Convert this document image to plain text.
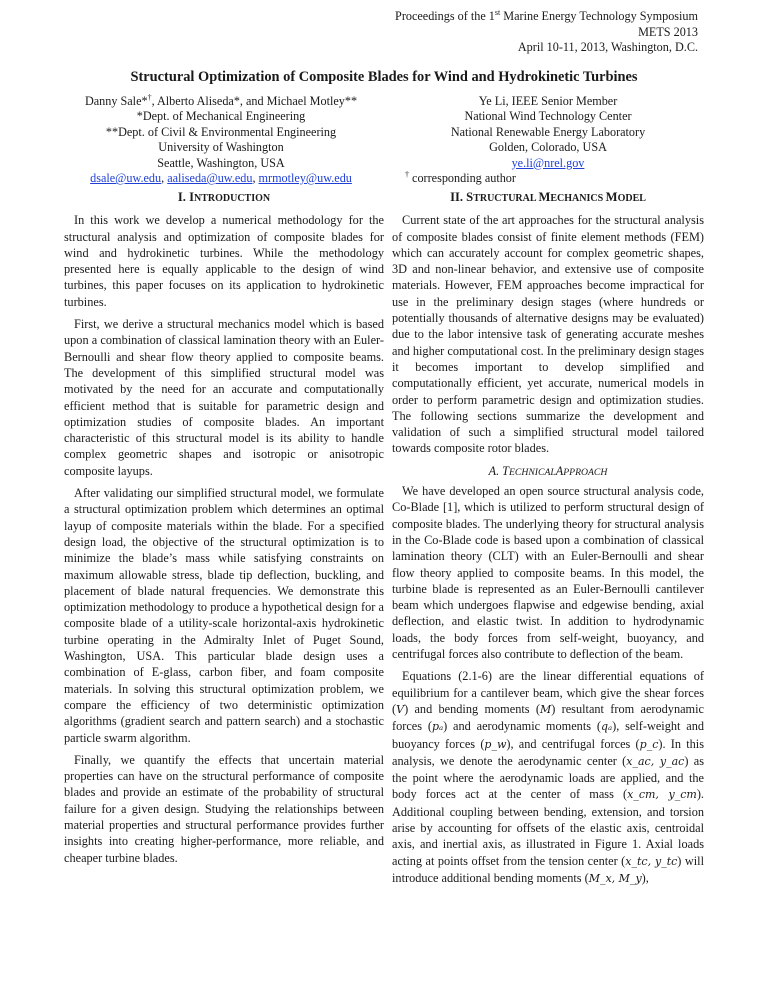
Proceedings of the 1st Marine Energy Technology Symposium
METS 2013
April 10-11, 2013, Washington, D.C.
Structural Optimization of Composite Blades for Wind and Hydrokinetic Turbines
Danny Sale*†, Alberto Aliseda*, and Michael Motley**
*Dept. of Mechanical Engineering
**Dept. of Civil & Environmental Engineering
University of Washington
Seattle, Washington, USA
dsale@uw.edu, aaliseda@uw.edu, mrmotley@uw.edu
Ye Li, IEEE Senior Member
National Wind Technology Center
National Renewable Energy Laboratory
Golden, Colorado, USA
ye.li@nrel.gov
† corresponding author
I. INTRODUCTION

In this work we develop a numerical methodology for the structural analysis and optimization of composite blades for wind and hydrokinetic turbines. While the methodology presented here is equally applicable to the design of wind turbines, this paper focuses on its application to hydrokinetic turbines.

First, we derive a structural mechanics model which is based upon a combination of classical lamination theory with an Euler-Bernoulli and shear flow theory applied to composite beams. The development of this simplified structural model was motivated by the need for an accurate and computationally efficient method that is suitable for parametric design and optimization studies of composite blades. An important characteristic of this structural model is its ability to handle complex geometric shapes and isotropic or anisotropic composite layups.

After validating our simplified structural model, we formulate a structural optimization problem which determines an optimal layup of composite materials within the blade. For a specified design load, the objective of the structural optimization is to minimize the blade’s mass while satisfying constraints on maximum allowable stress, blade tip deflection, buckling, and placement of blade natural frequencies. We demonstrate this optimization methodology to produce a hypothetical design for a composite blade of a utility-scale horizontal-axis hydrokinetic turbine operating in the Admiralty Inlet of Puget Sound, Washington, USA. This particular blade design uses a combination of E-glass, carbon fiber, and foam composite materials. In solving this structural optimization problem, we compare the efficiency of two deterministic optimization algorithms (gradient search and pattern search) and a stochastic particle swarm algorithm.

Finally, we quantify the effects that uncertain material properties can have on the structural performance of composite blades and provide an estimate of the probability of structural failure for a given design. Studying the relationships between material properties and structural performance provides further insights into creating higher-performance, more reliable, and cheaper turbine blades.

II. STRUCTURAL MECHANICS MODEL

Current state of the art approaches for the structural analysis of composite blades consist of finite element methods (FEM) which can accurately account for complex geometric shapes, 3D and non-linear behavior, and extensive use of composite materials. However, FEM approaches become impractical for use in the preliminary design stages (where hundreds or potentially thousands of alternative designs may be evaluated) due to the labor intensive task of generating accurate meshes and higher computational cost. In the preliminary design stages it becomes important to develop simplified and computationally efficient, yet accurate, numerical models in order to perform parametric design and optimization studies. The following sections summarize the development and validation of such a simplified structural model tailored towards composite rotor blades.

A. TECHNICALAPPROACH

We have developed an open source structural analysis code, Co-Blade [1], which is utilized to perform structural design of composite blades. The underlying theory for structural analysis in the Co-Blade code is based upon a combination of classical lamination theory (CLT) with an Euler-Bernoulli and shear flow theory applied to composite beams. In this model, the turbine blade is represented as an Euler-Bernoulli cantilever beam which undergoes flapwise and edgewise bending, axial deflection, and elastic twist. In addition to hydrodynamic loads, the body forces from self-weight, buoyancy, and centrifugal forces also contribute to deflection of the beam.

Equations (2.1-6) are the linear differential equations of equilibrium for a cantilever beam, which give the shear forces (V) and bending moments (M) resultant from aerodynamic forces (pₐ) and aerodynamic moments (qₐ), self-weight and buoyancy forces (p_w), and centrifugal forces (p_c). In this analysis, we denote the aerodynamic center (x_ac, y_ac) as the point where the aerodynamic loads are applied, and the body forces act at the center of mass (x_cm, y_cm). Additional coupling between bending, extension, and torsion arise by accounting for offsets of the elastic axis, centroidal axis, and inertial axis, as illustrated in Figure 1. Axial loads acting at points offset from the tension center (x_tc, y_tc) will introduce additional bending moments (M_x, M_y),
